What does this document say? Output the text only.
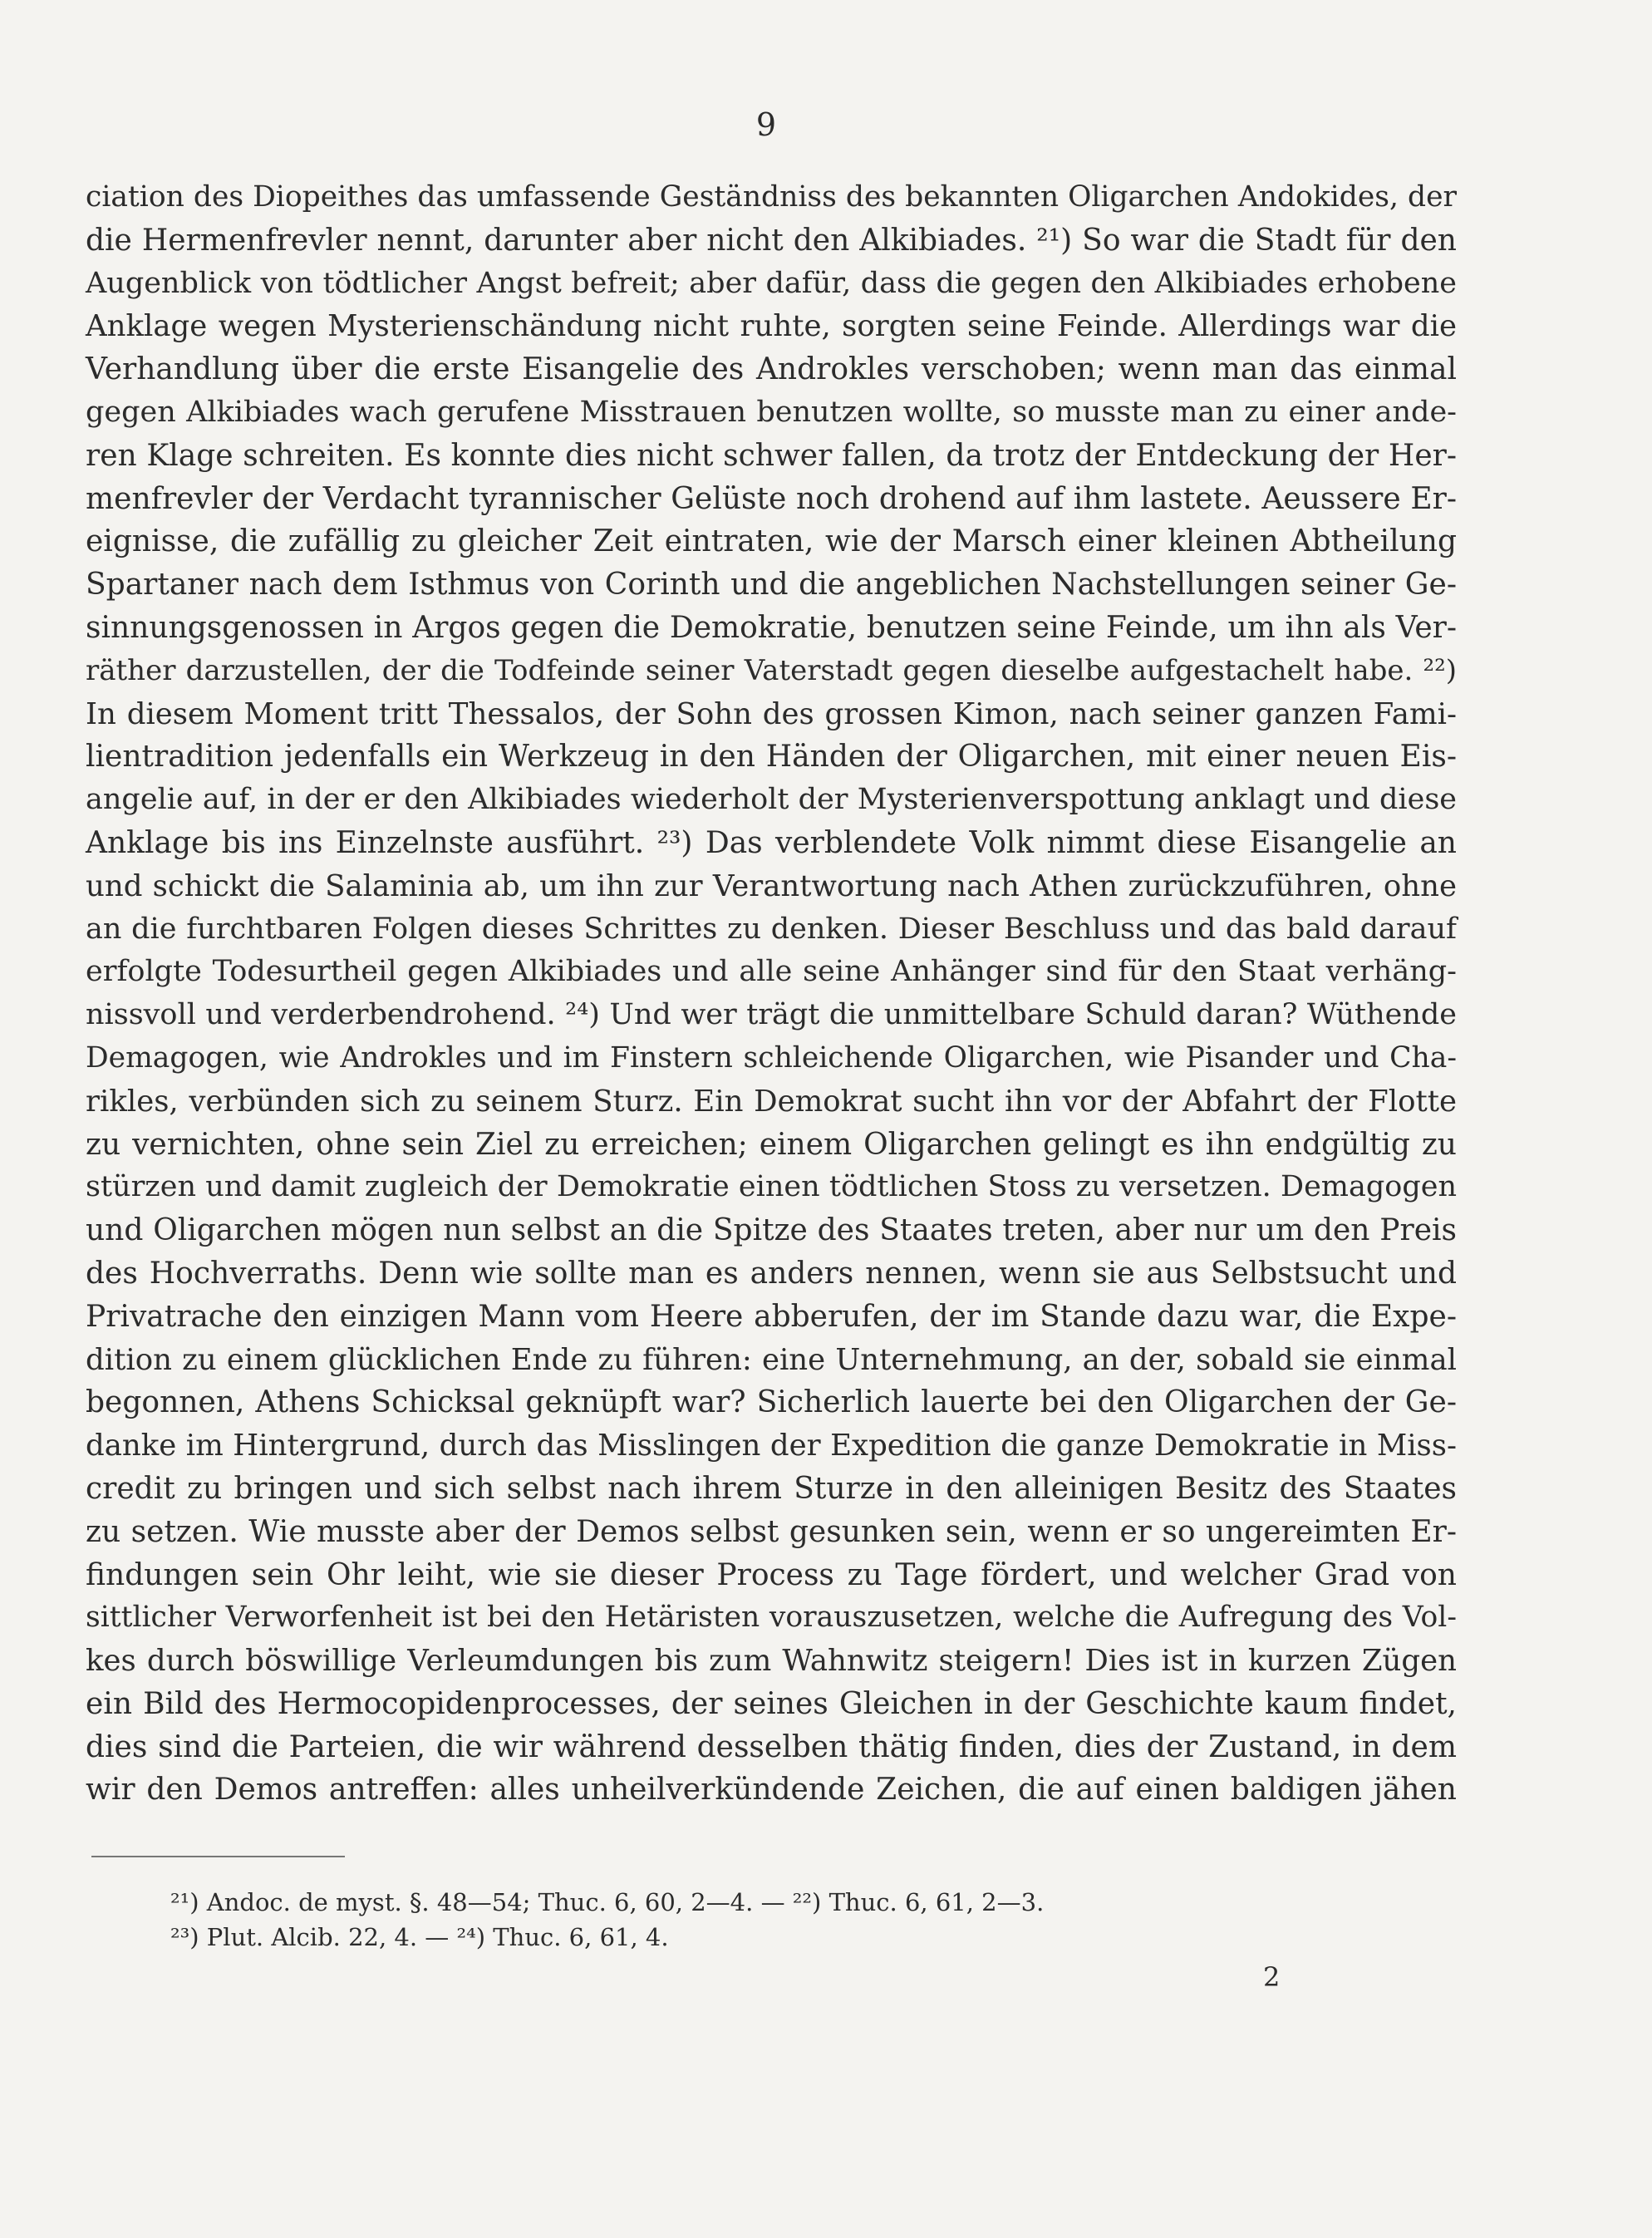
9
ciation des Diopeithes das umfassende Geständniss des bekannten Oligarchen Andokides, der
die Hermenfrevler nennt, darunter aber nicht den Alkibiades. ²¹) So war die Stadt für den
Augenblick von tödtlicher Angst befreit; aber dafür, dass die gegen den Alkibiades erhobene
Anklage wegen Mysterienschändung nicht ruhte, sorgten seine Feinde. Allerdings war die
Verhandlung über die erste Eisangelie des Androkles verschoben; wenn man das einmal
gegen Alkibiades wach gerufene Misstrauen benutzen wollte, so musste man zu einer ande-
ren Klage schreiten. Es konnte dies nicht schwer fallen, da trotz der Entdeckung der Her-
menfrevler der Verdacht tyrannischer Gelüste noch drohend auf ihm lastete. Aeussere Er-
eignisse, die zufällig zu gleicher Zeit eintraten, wie der Marsch einer kleinen Abtheilung
Spartaner nach dem Isthmus von Corinth und die angeblichen Nachstellungen seiner Ge-
sinnungsgenossen in Argos gegen die Demokratie, benutzen seine Feinde, um ihn als Ver-
räther darzustellen, der die Todfeinde seiner Vaterstadt gegen dieselbe aufgestachelt habe. ²²)
In diesem Moment tritt Thessalos, der Sohn des grossen Kimon, nach seiner ganzen Fami-
lientradition jedenfalls ein Werkzeug in den Händen der Oligarchen, mit einer neuen Eis-
angelie auf, in der er den Alkibiades wiederholt der Mysterienverspottung anklagt und diese
Anklage bis ins Einzelnste ausführt. ²³) Das verblendete Volk nimmt diese Eisangelie an
und schickt die Salaminia ab, um ihn zur Verantwortung nach Athen zurückzuführen, ohne
an die furchtbaren Folgen dieses Schrittes zu denken. Dieser Beschluss und das bald darauf
erfolgte Todesurtheil gegen Alkibiades und alle seine Anhänger sind für den Staat verhäng-
nissvoll und verderbendrohend. ²⁴) Und wer trägt die unmittelbare Schuld daran? Wüthende
Demagogen, wie Androkles und im Finstern schleichende Oligarchen, wie Pisander und Cha-
rikles, verbünden sich zu seinem Sturz. Ein Demokrat sucht ihn vor der Abfahrt der Flotte
zu vernichten, ohne sein Ziel zu erreichen; einem Oligarchen gelingt es ihn endgültig zu
stürzen und damit zugleich der Demokratie einen tödtlichen Stoss zu versetzen. Demagogen
und Oligarchen mögen nun selbst an die Spitze des Staates treten, aber nur um den Preis
des Hochverraths. Denn wie sollte man es anders nennen, wenn sie aus Selbstsucht und
Privatrache den einzigen Mann vom Heere abberufen, der im Stande dazu war, die Expe-
dition zu einem glücklichen Ende zu führen: eine Unternehmung, an der, sobald sie einmal
begonnen, Athens Schicksal geknüpft war? Sicherlich lauerte bei den Oligarchen der Ge-
danke im Hintergrund, durch das Misslingen der Expedition die ganze Demokratie in Miss-
credit zu bringen und sich selbst nach ihrem Sturze in den alleinigen Besitz des Staates
zu setzen. Wie musste aber der Demos selbst gesunken sein, wenn er so ungereimten Er-
findungen sein Ohr leiht, wie sie dieser Process zu Tage fördert, und welcher Grad von
sittlicher Verworfenheit ist bei den Hetäristen vorauszusetzen, welche die Aufregung des Vol-
kes durch böswillige Verleumdungen bis zum Wahnwitz steigern! Dies ist in kurzen Zügen
ein Bild des Hermocopidenprocesses, der seines Gleichen in der Geschichte kaum findet,
dies sind die Parteien, die wir während desselben thätig finden, dies der Zustand, in dem
wir den Demos antreffen: alles unheilverkündende Zeichen, die auf einen baldigen jähen
²¹) Andoc. de myst. §. 48—54; Thuc. 6, 60, 2—4. — ²²) Thuc. 6, 61, 2—3.
²³) Plut. Alcib. 22, 4. — ²⁴) Thuc. 6, 61, 4.
2
